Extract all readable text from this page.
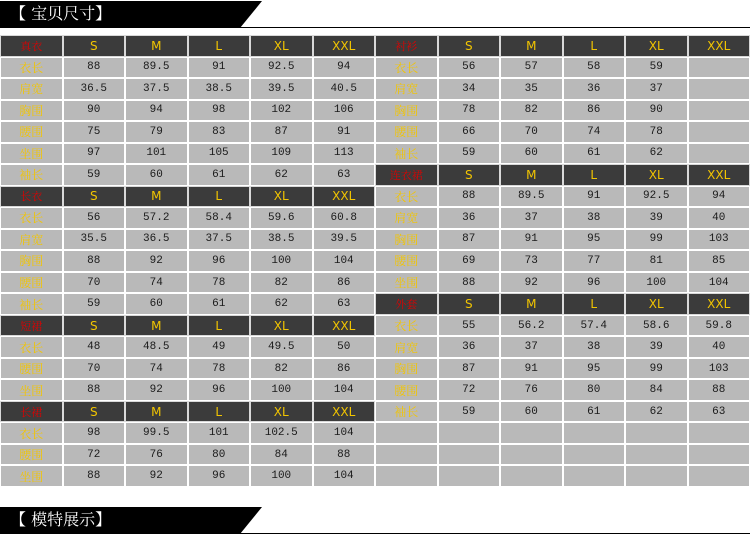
【 宝贝尺寸】
真衣	S	M	L	XL	XXL
衣长	88	89.5	91	92.5	94
肩宽	36.5	37.5	38.5	39.5	40.5
胸围	90	94	98	102	106
腰围	75	79	83	87	91
坐围	97	101	105	109	113
袖长	59	60	61	62	63
长衣	S	M	L	XL	XXL
衣长	56	57.2	58.4	59.6	60.8
肩宽	35.5	36.5	37.5	38.5	39.5
胸围	88	92	96	100	104
腰围	70	74	78	82	86
袖长	59	60	61	62	63
短裙	S	M	L	XL	XXL
衣长	48	48.5	49	49.5	50
腰围	70	74	78	82	86
坐围	88	92	96	100	104
长裙	S	M	L	XL	XXL
衣长	98	99.5	101	102.5	104
腰围	72	76	80	84	88
坐围	88	92	96	100	104
衬衫	S	M	L	XL	XXL
衣长	56	57	58	59
肩宽	34	35	36	37
胸围	78	82	86	90
腰围	66	70	74	78
袖长	59	60	61	62
连衣裙	S	M	L	XL	XXL
衣长	88	89.5	91	92.5	94
肩宽	36	37	38	39	40
胸围	87	91	95	99	103
腰围	69	73	77	81	85
坐围	88	92	96	100	104
外套	S	M	L	XL	XXL
衣长	55	56.2	57.4	58.6	59.8
肩宽	36	37	38	39	40
胸围	87	91	95	99	103
腰围	72	76	80	84	88
袖长	59	60	61	62	63
【 模特展示】
